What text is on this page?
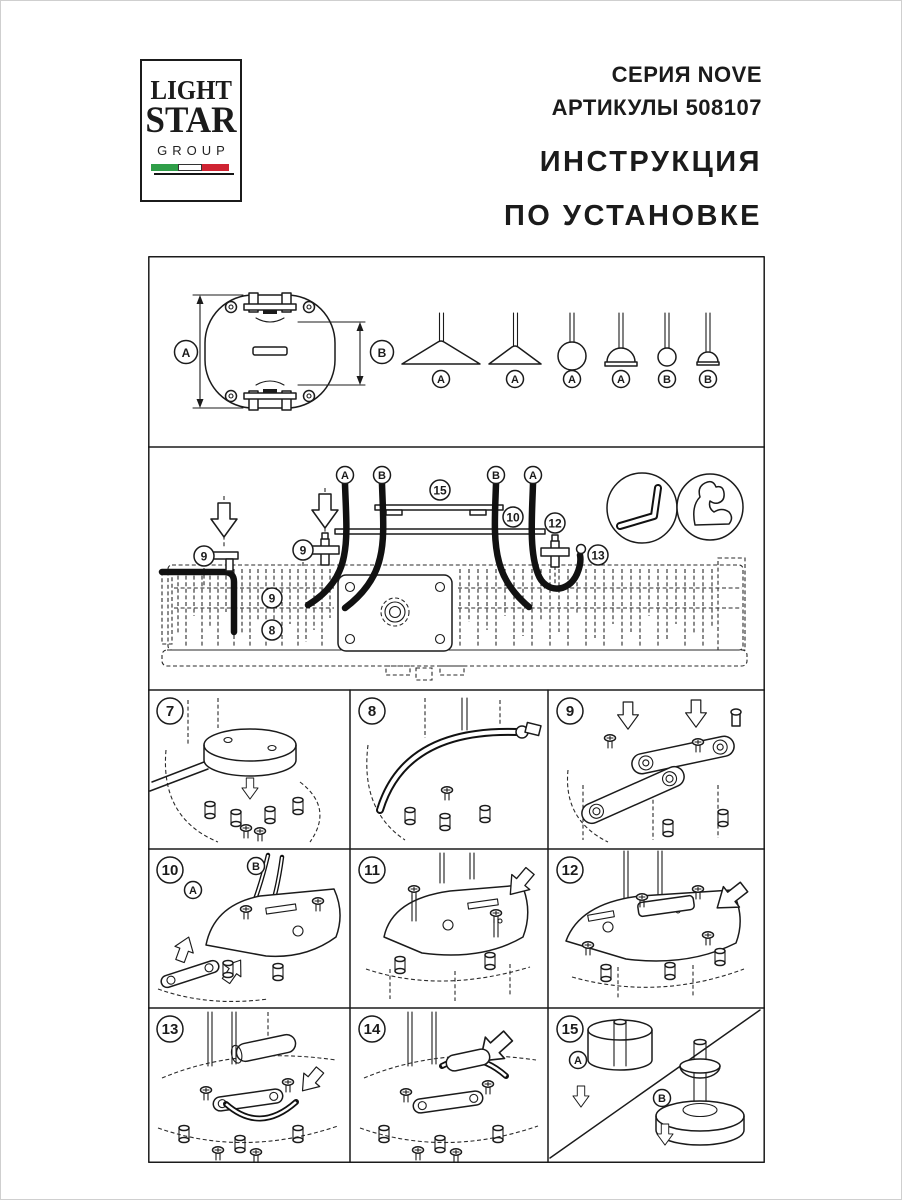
LIGHT
STAR
GROUP
СЕРИЯ NOVE
АРТИКУЛЫ 508107
ИНСТРУКЦИЯ
ПО УСТАНОВКЕ
A	B
A	A	A	A	B	B
A	B	B	A
15
10 12
13
9	9
9
8
7	8	9
10
A
B	11	12
13	14	15
A
B
